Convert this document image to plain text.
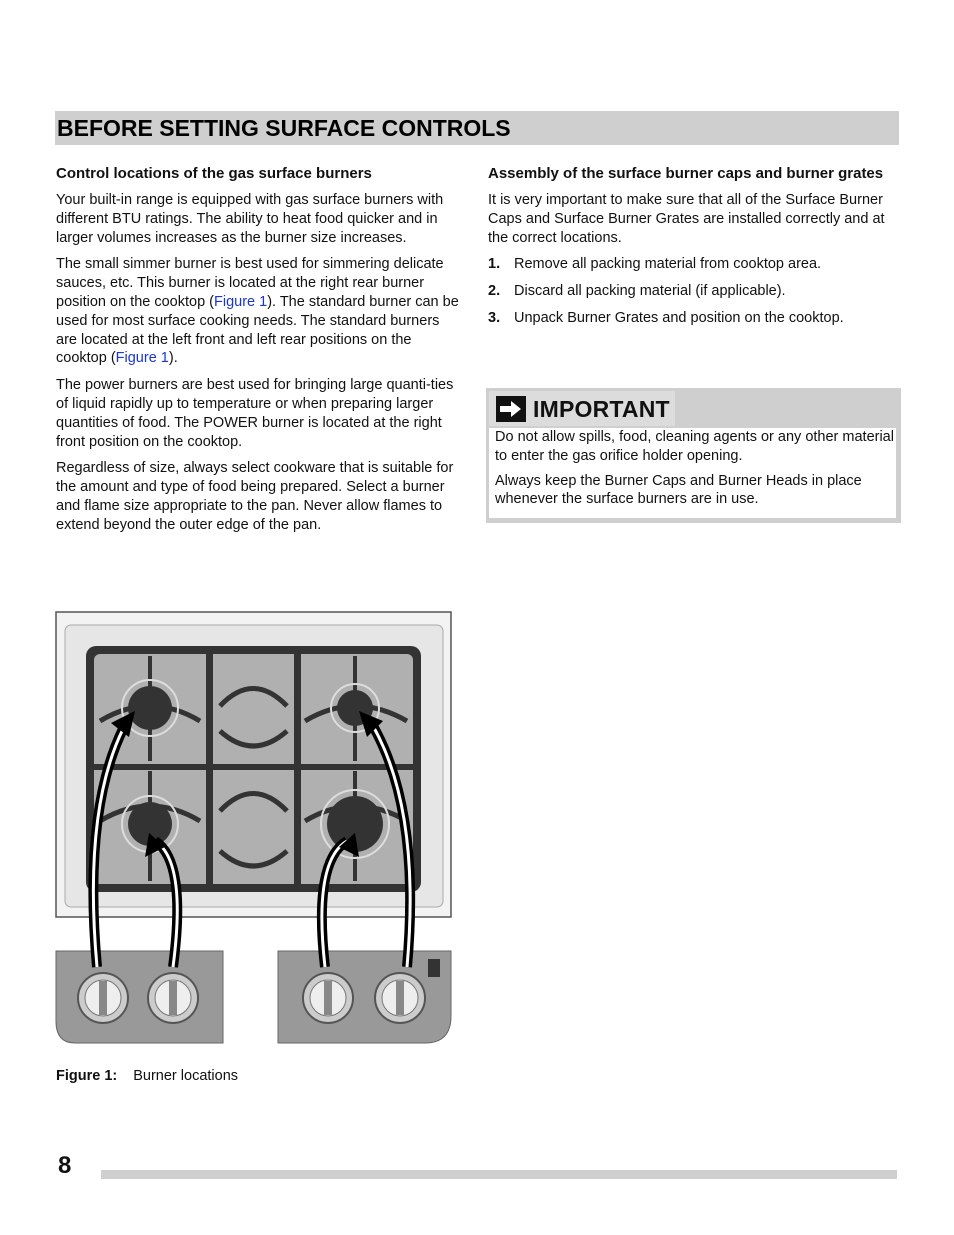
BEFORE SETTING SURFACE CONTROLS
Control locations of the gas surface burners

Your built-in range is equipped with gas surface burners with different BTU ratings. The ability to heat food quicker and in larger volumes increases as the burner size increases.

The small simmer burner is best used for simmering delicate sauces, etc. This burner is located at the right rear burner position on the cooktop (Figure 1). The standard burner can be used for most surface cooking needs. The standard burners are located at the left front and left rear positions on the cooktop (Figure 1).

The power burners are best used for bringing large quanti-ties of liquid rapidly up to temperature or when preparing larger quantities of food. The POWER burner is located at the right front position on the cooktop.

Regardless of size, always select cookware that is suitable for the amount and type of food being prepared. Select a burner and flame size appropriate to the pan. Never allow flames to extend beyond the outer edge of the pan.

Assembly of the surface burner caps and burner grates

It is very important to make sure that all of the Surface Burner Caps and Surface Burner Grates are installed correctly and at the correct locations.

1. Remove all packing material from cooktop area.
2. Discard all packing material (if applicable).
3. Unpack Burner Grates and position on the cooktop.
IMPORTANT

Do not allow spills, food, cleaning agents or any other material to enter the gas orifice holder opening.

Always keep the Burner Caps and Burner Heads in place whenever the surface burners are in use.

Figure 1: Burner locations
8
